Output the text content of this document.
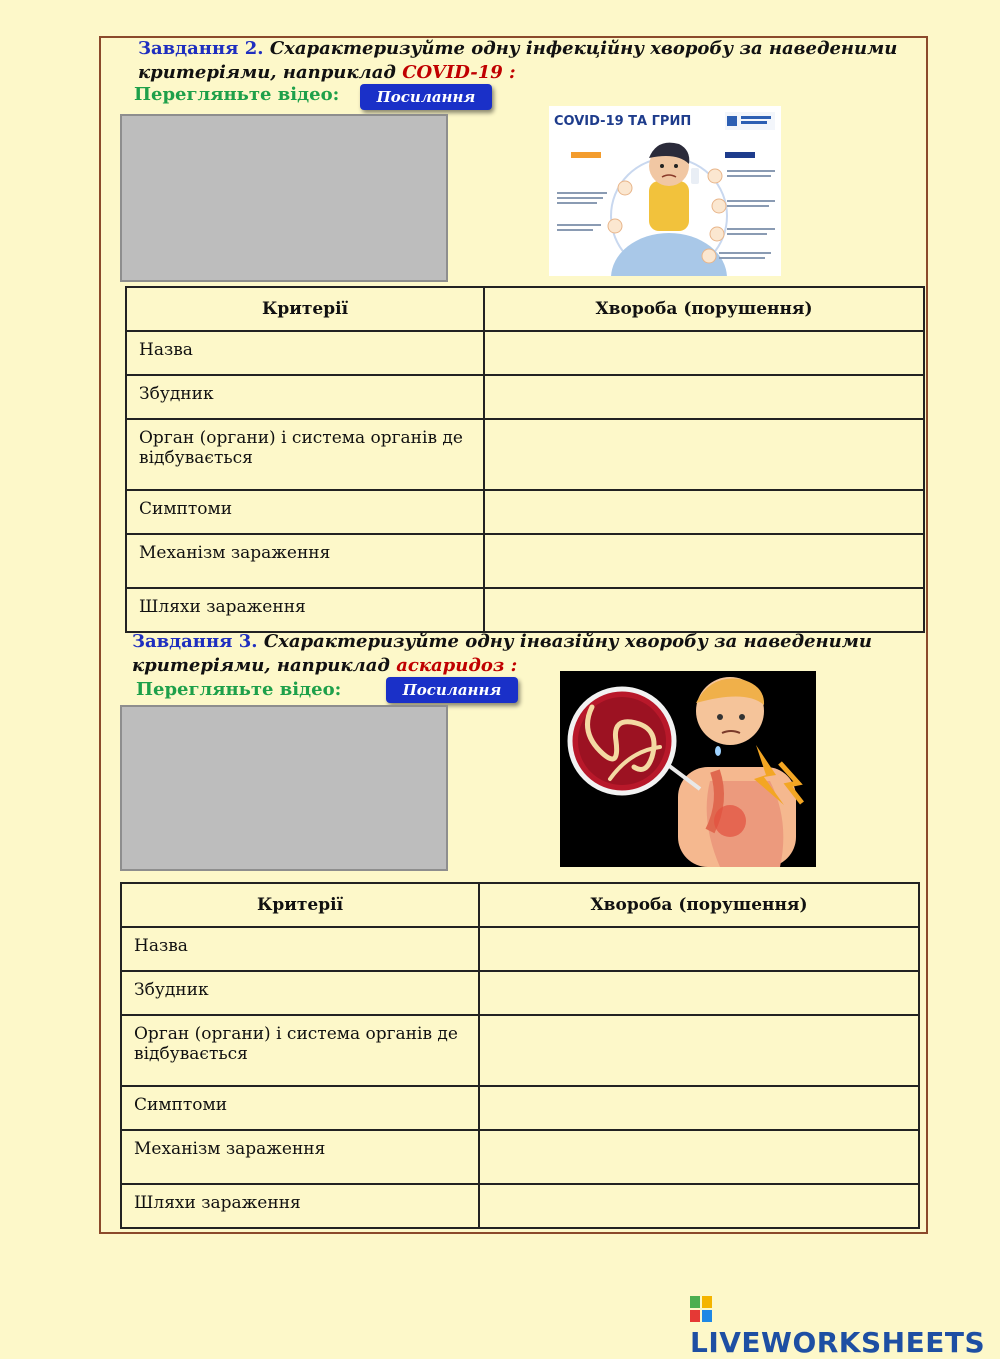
Завдання 2. Схарактеризуйте одну інфекційну хворобу за наведеними
критеріями, наприклад COVID-19 :
Перегляньте відео:	Посилання
COVID-19 ТА ГРИП
Критерії	Хвороба (порушення)
Назва	
Збудник	
Орган (органи) і система органів де відбувається	
Симптоми	
Механізм зараження	
Шляхи зараження	
Завдання 3. Схарактеризуйте одну інвазійну хворобу за наведеними
критеріями, наприклад аскаридоз :
Перегляньте відео:	Посилання
Критерії	Хвороба (порушення)
Назва	
Збудник	
Орган (органи) і система органів де відбувається	
Симптоми	
Механізм зараження	
Шляхи зараження	
LIVEWORKSHEETS
